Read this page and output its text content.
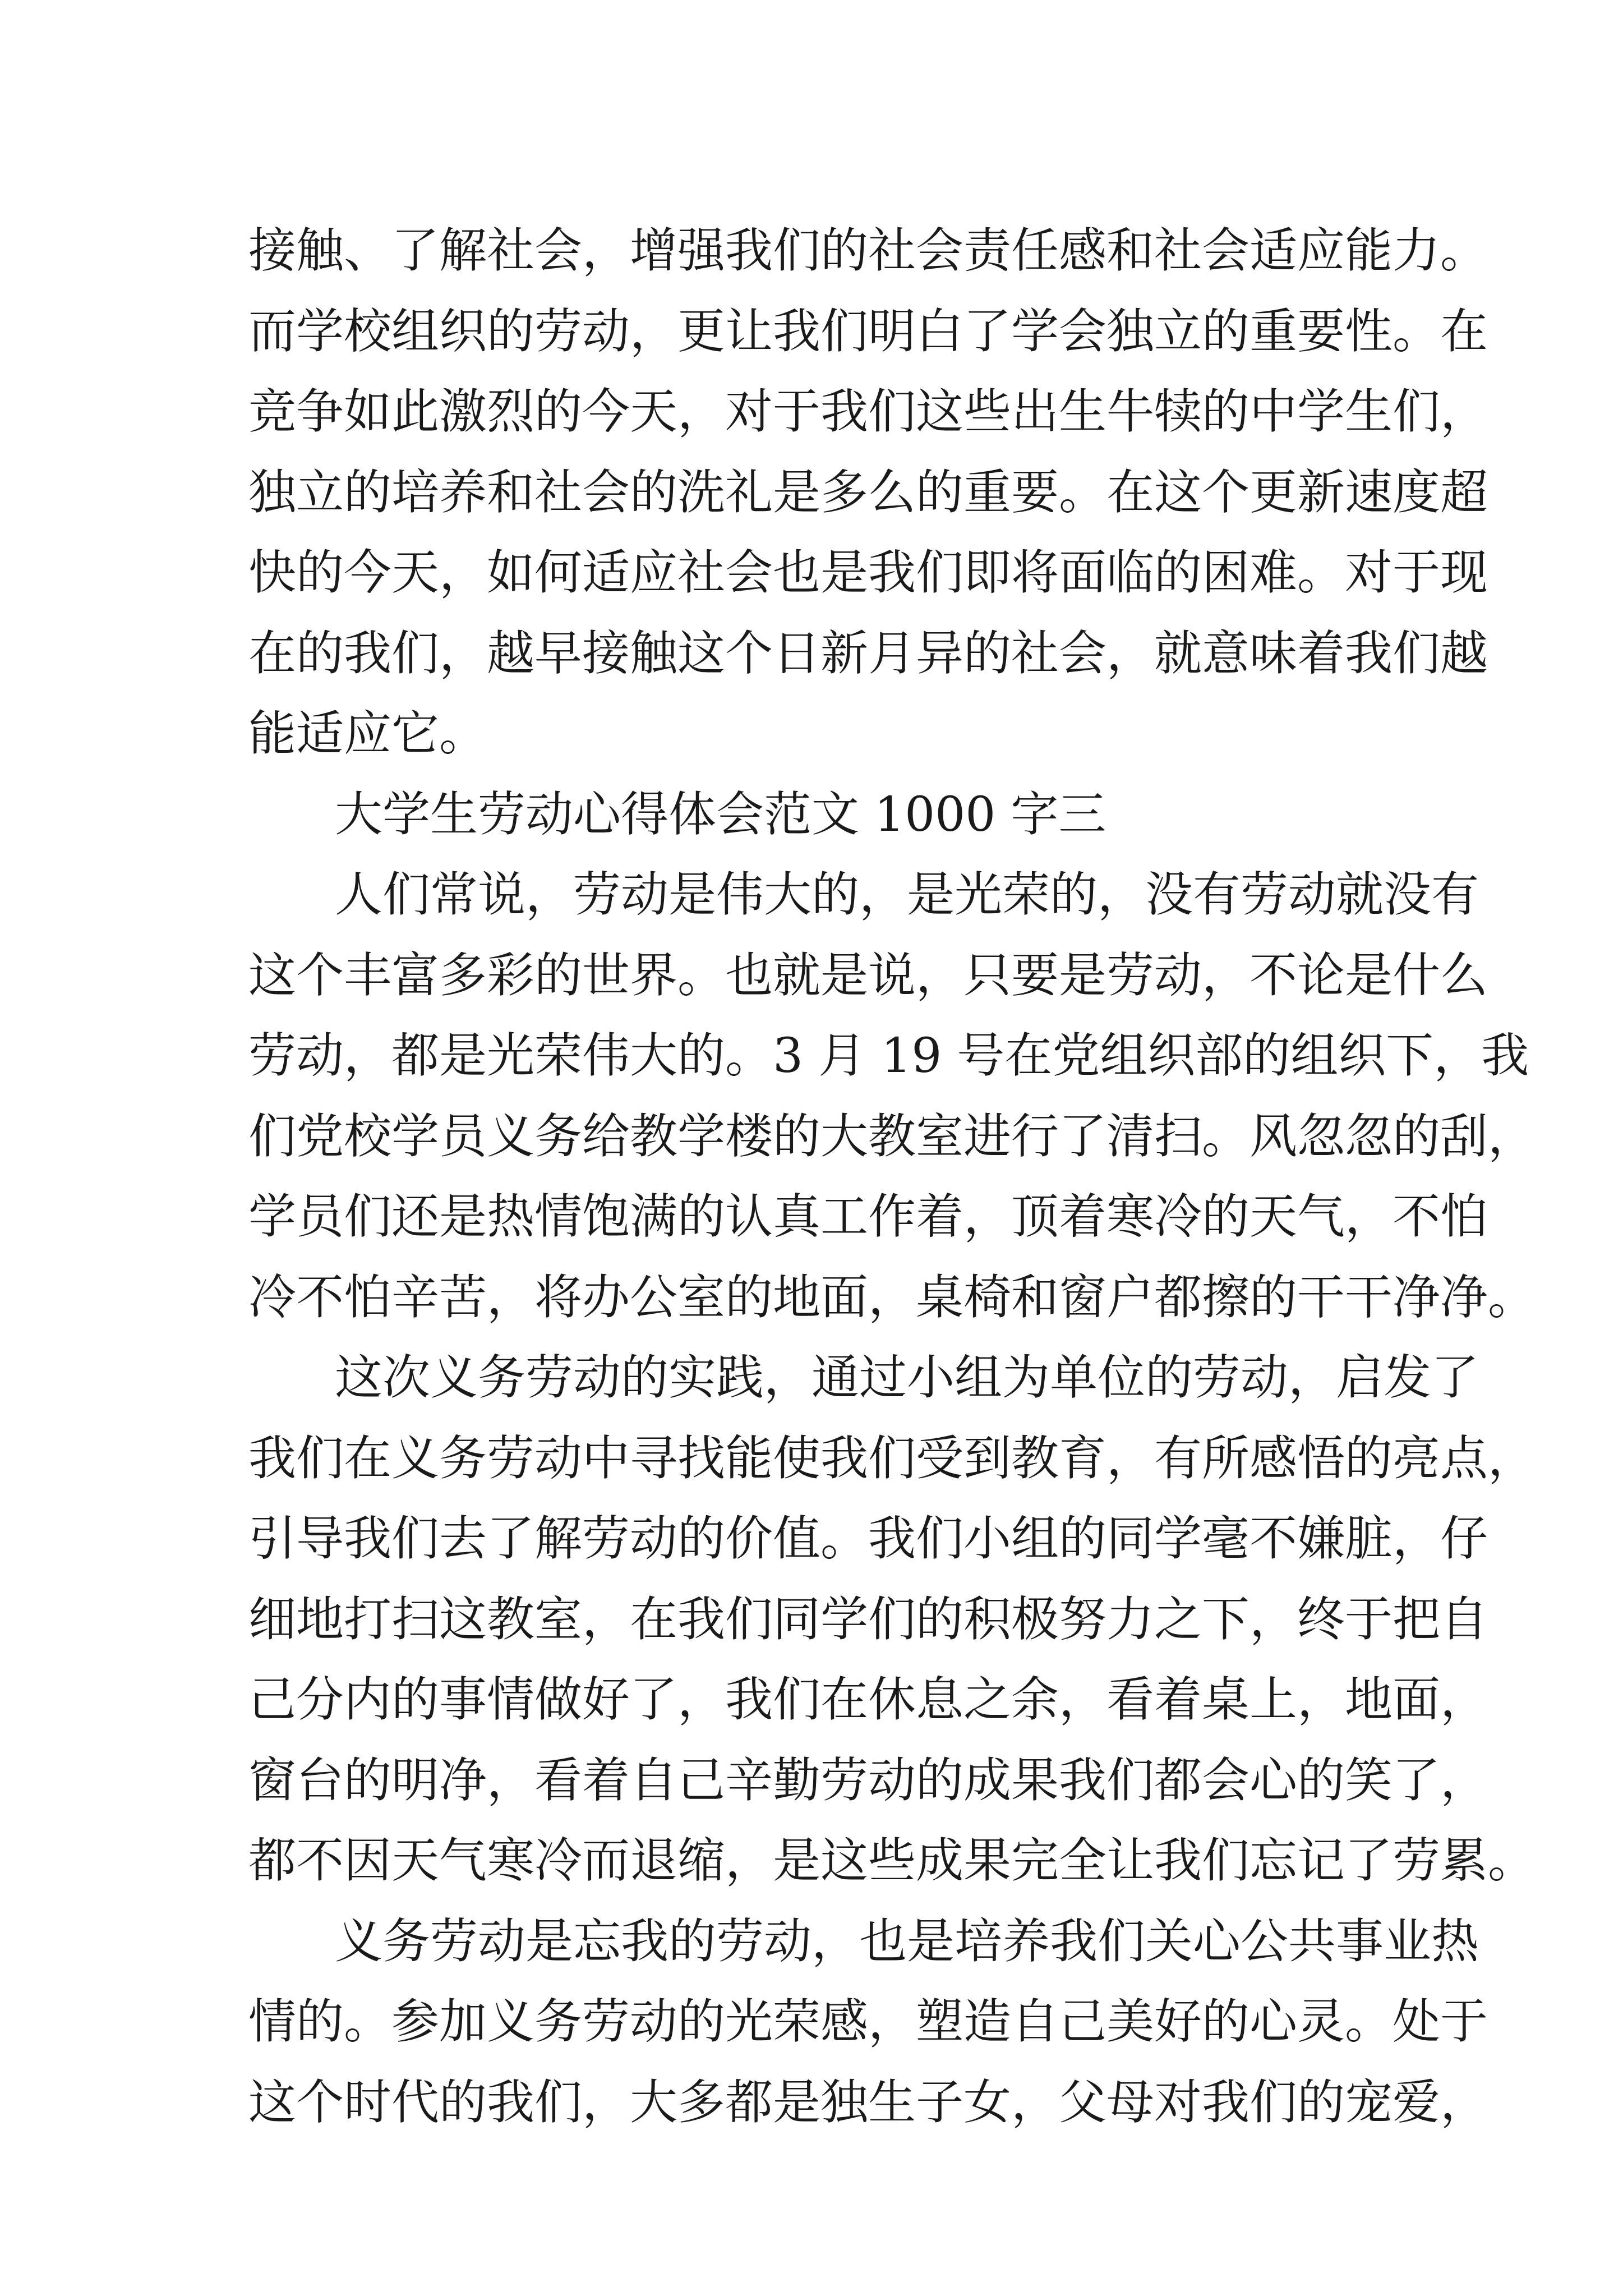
接触、了解社会，增强我们的社会责任感和社会适应能力。
而学校组织的劳动，更让我们明白了学会独立的重要性。在
竞争如此激烈的今天，对于我们这些出生牛犊的中学生们，
独立的培养和社会的洗礼是多么的重要。在这个更新速度超
快的今天，如何适应社会也是我们即将面临的困难。对于现
在的我们，越早接触这个日新月异的社会，就意味着我们越
能适应它。
大学生劳动心得体会范文 1000 字三
人们常说，劳动是伟大的，是光荣的，没有劳动就没有
这个丰富多彩的世界。也就是说，只要是劳动，不论是什么
劳动，都是光荣伟大的。3 月 19 号在党组织部的组织下，我
们党校学员义务给教学楼的大教室进行了清扫。风忽忽的刮，
学员们还是热情饱满的认真工作着，顶着寒冷的天气，不怕
冷不怕辛苦，将办公室的地面，桌椅和窗户都擦的干干净净。
这次义务劳动的实践，通过小组为单位的劳动，启发了
我们在义务劳动中寻找能使我们受到教育，有所感悟的亮点，
引导我们去了解劳动的价值。我们小组的同学毫不嫌脏，仔
细地打扫这教室，在我们同学们的积极努力之下，终于把自
己分内的事情做好了，我们在休息之余，看着桌上，地面，
窗台的明净，看着自己辛勤劳动的成果我们都会心的笑了，
都不因天气寒冷而退缩，是这些成果完全让我们忘记了劳累。
义务劳动是忘我的劳动，也是培养我们关心公共事业热
情的。参加义务劳动的光荣感，塑造自己美好的心灵。处于
这个时代的我们，大多都是独生子女，父母对我们的宠爱，
